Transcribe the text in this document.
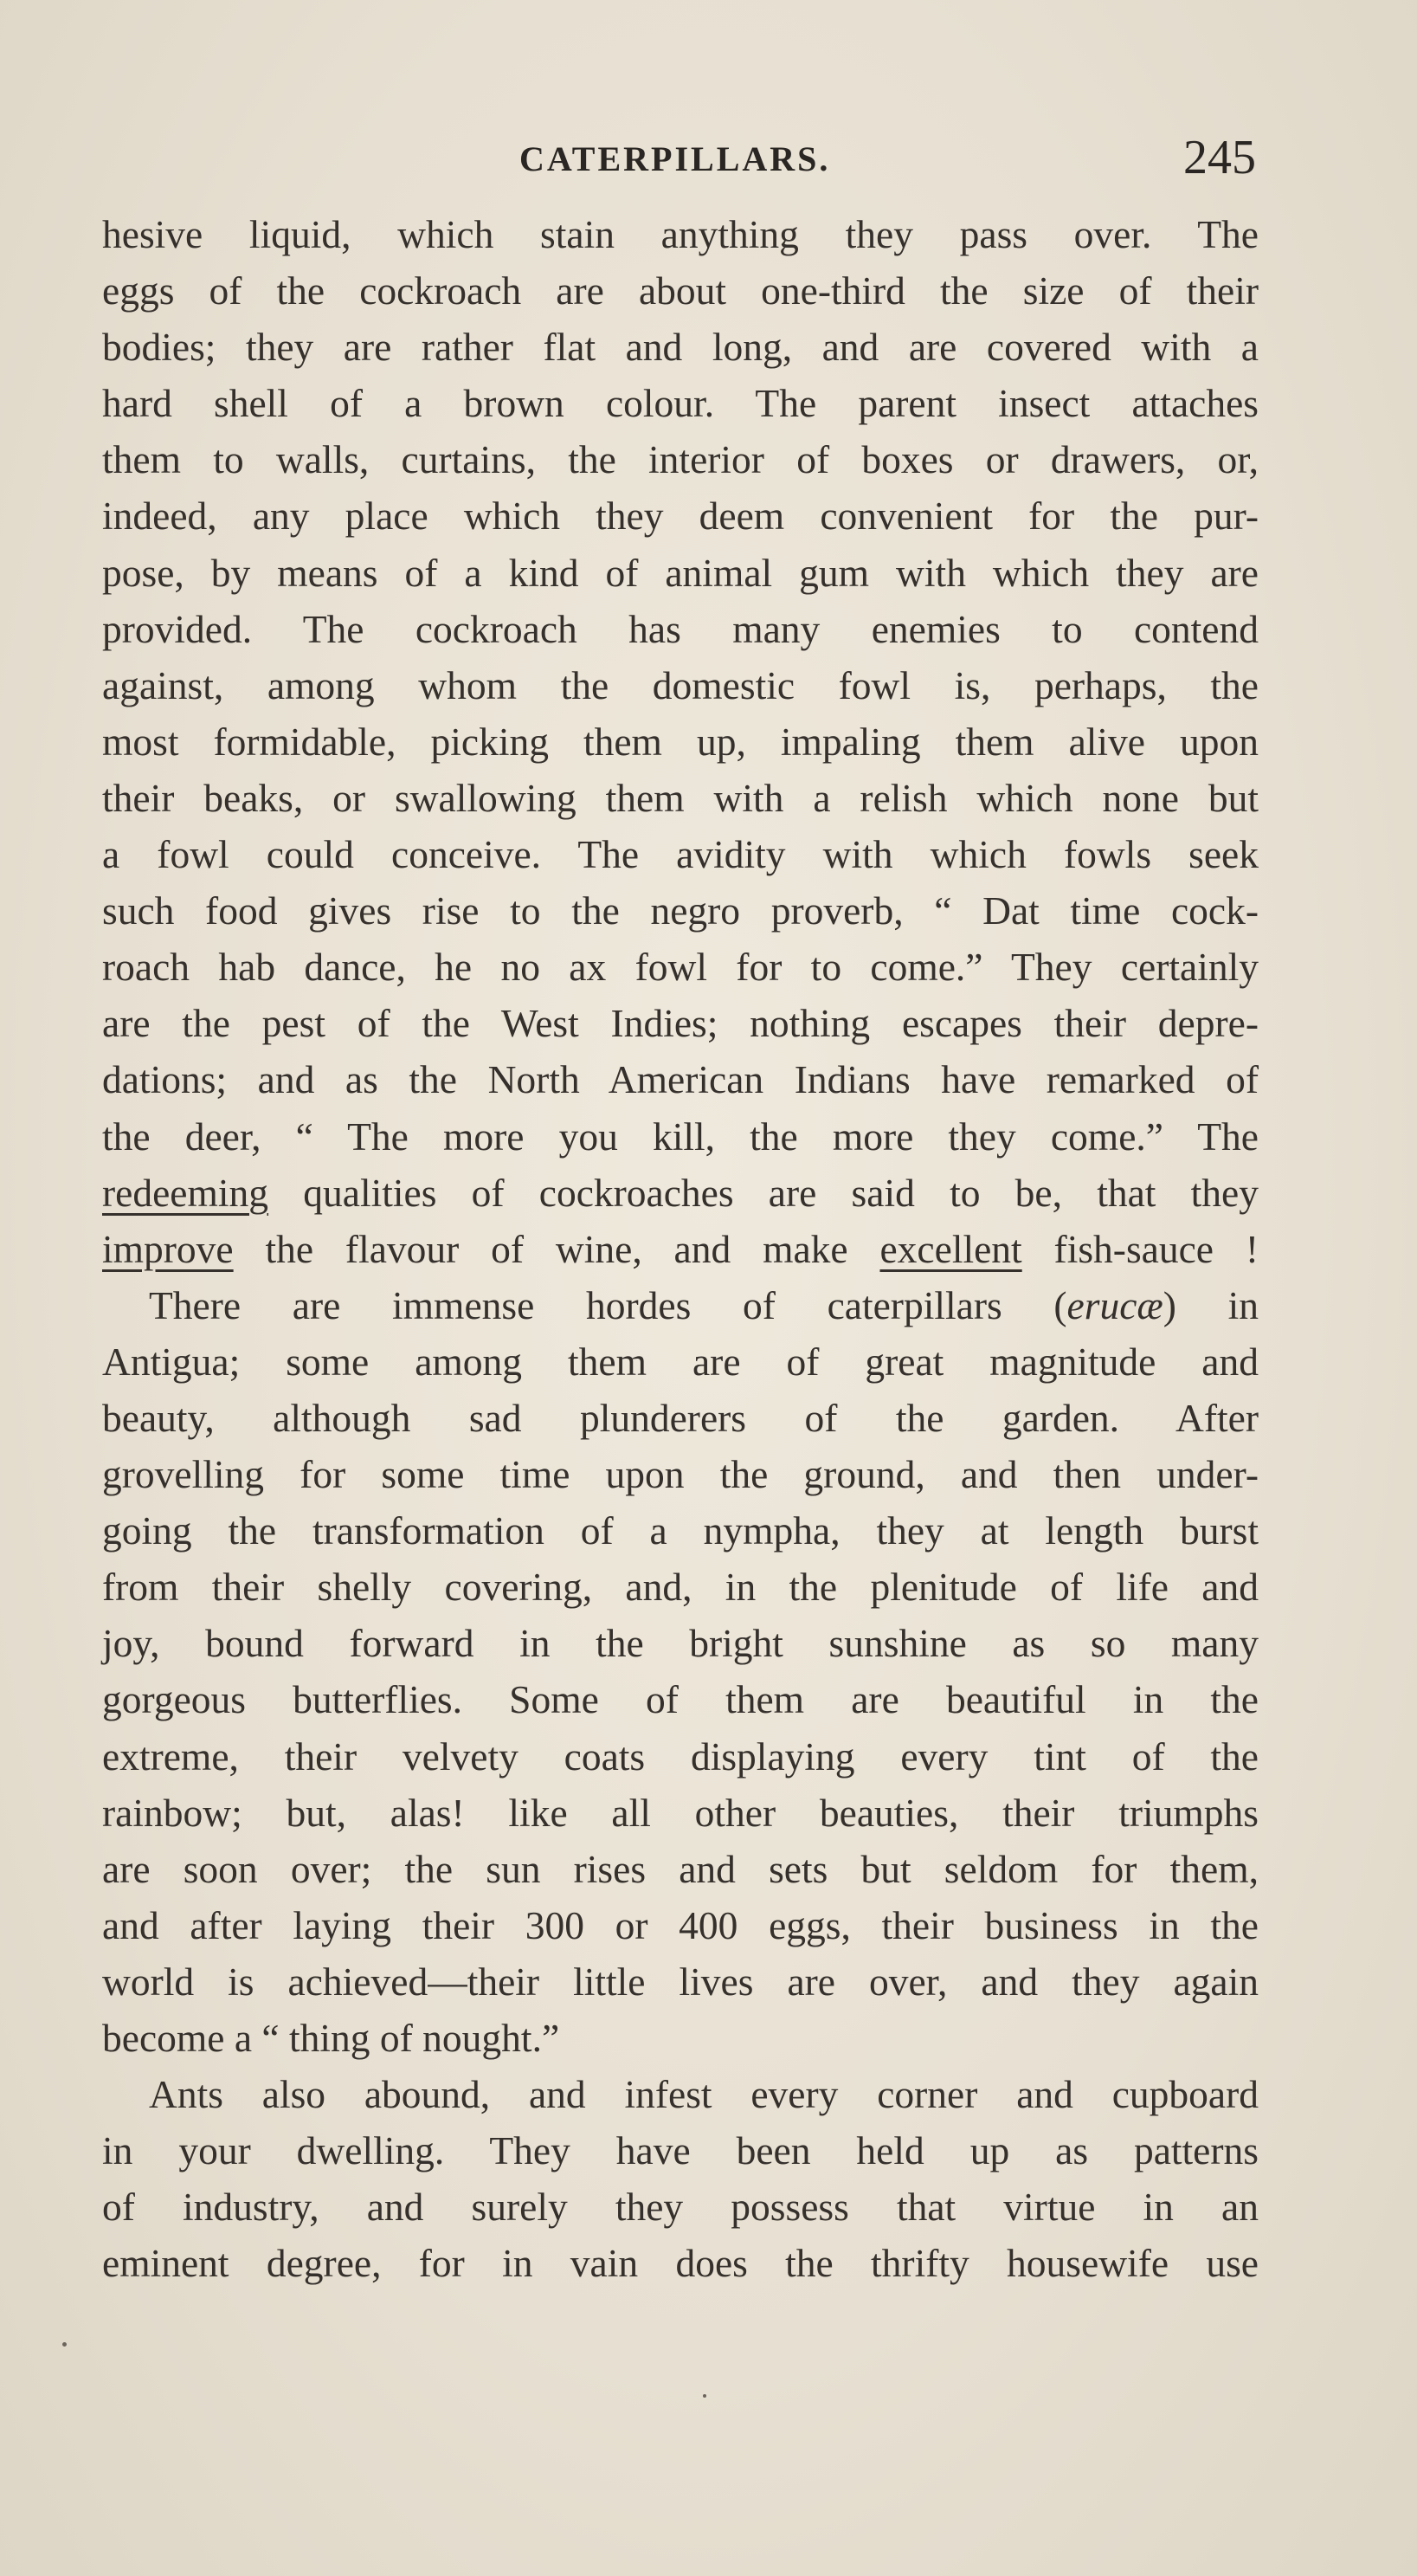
CATERPILLARS.	245
hesive liquid, which stain anything they pass over. The
eggs of the cockroach are about one-third the size of their
bodies; they are rather flat and long, and are covered with a
hard shell of a brown colour. The parent insect attaches
them to walls, curtains, the interior of boxes or drawers, or,
indeed, any place which they deem convenient for the pur-
pose, by means of a kind of animal gum with which they are
provided. The cockroach has many enemies to contend
against, among whom the domestic fowl is, perhaps, the
most formidable, picking them up, impaling them alive upon
their beaks, or swallowing them with a relish which none but
a fowl could conceive. The avidity with which fowls seek
such food gives rise to the negro proverb, “ Dat time cock-
roach hab dance, he no ax fowl for to come.” They certainly
are the pest of the West Indies; nothing escapes their depre-
dations; and as the North American Indians have remarked of
the deer, “ The more you kill, the more they come.” The
redeeming qualities of cockroaches are said to be, that they
improve the flavour of wine, and make excellent fish-sauce !
There are immense hordes of caterpillars (erucæ) in
Antigua; some among them are of great magnitude and
beauty, although sad plunderers of the garden. After
grovelling for some time upon the ground, and then under-
going the transformation of a nympha, they at length burst
from their shelly covering, and, in the plenitude of life and
joy, bound forward in the bright sunshine as so many
gorgeous butterflies. Some of them are beautiful in the
extreme, their velvety coats displaying every tint of the
rainbow; but, alas! like all other beauties, their triumphs
are soon over; the sun rises and sets but seldom for them,
and after laying their 300 or 400 eggs, their business in the
world is achieved—their little lives are over, and they again
become a “ thing of nought.”
Ants also abound, and infest every corner and cupboard
in your dwelling. They have been held up as patterns
of industry, and surely they possess that virtue in an
eminent degree, for in vain does the thrifty housewife use
